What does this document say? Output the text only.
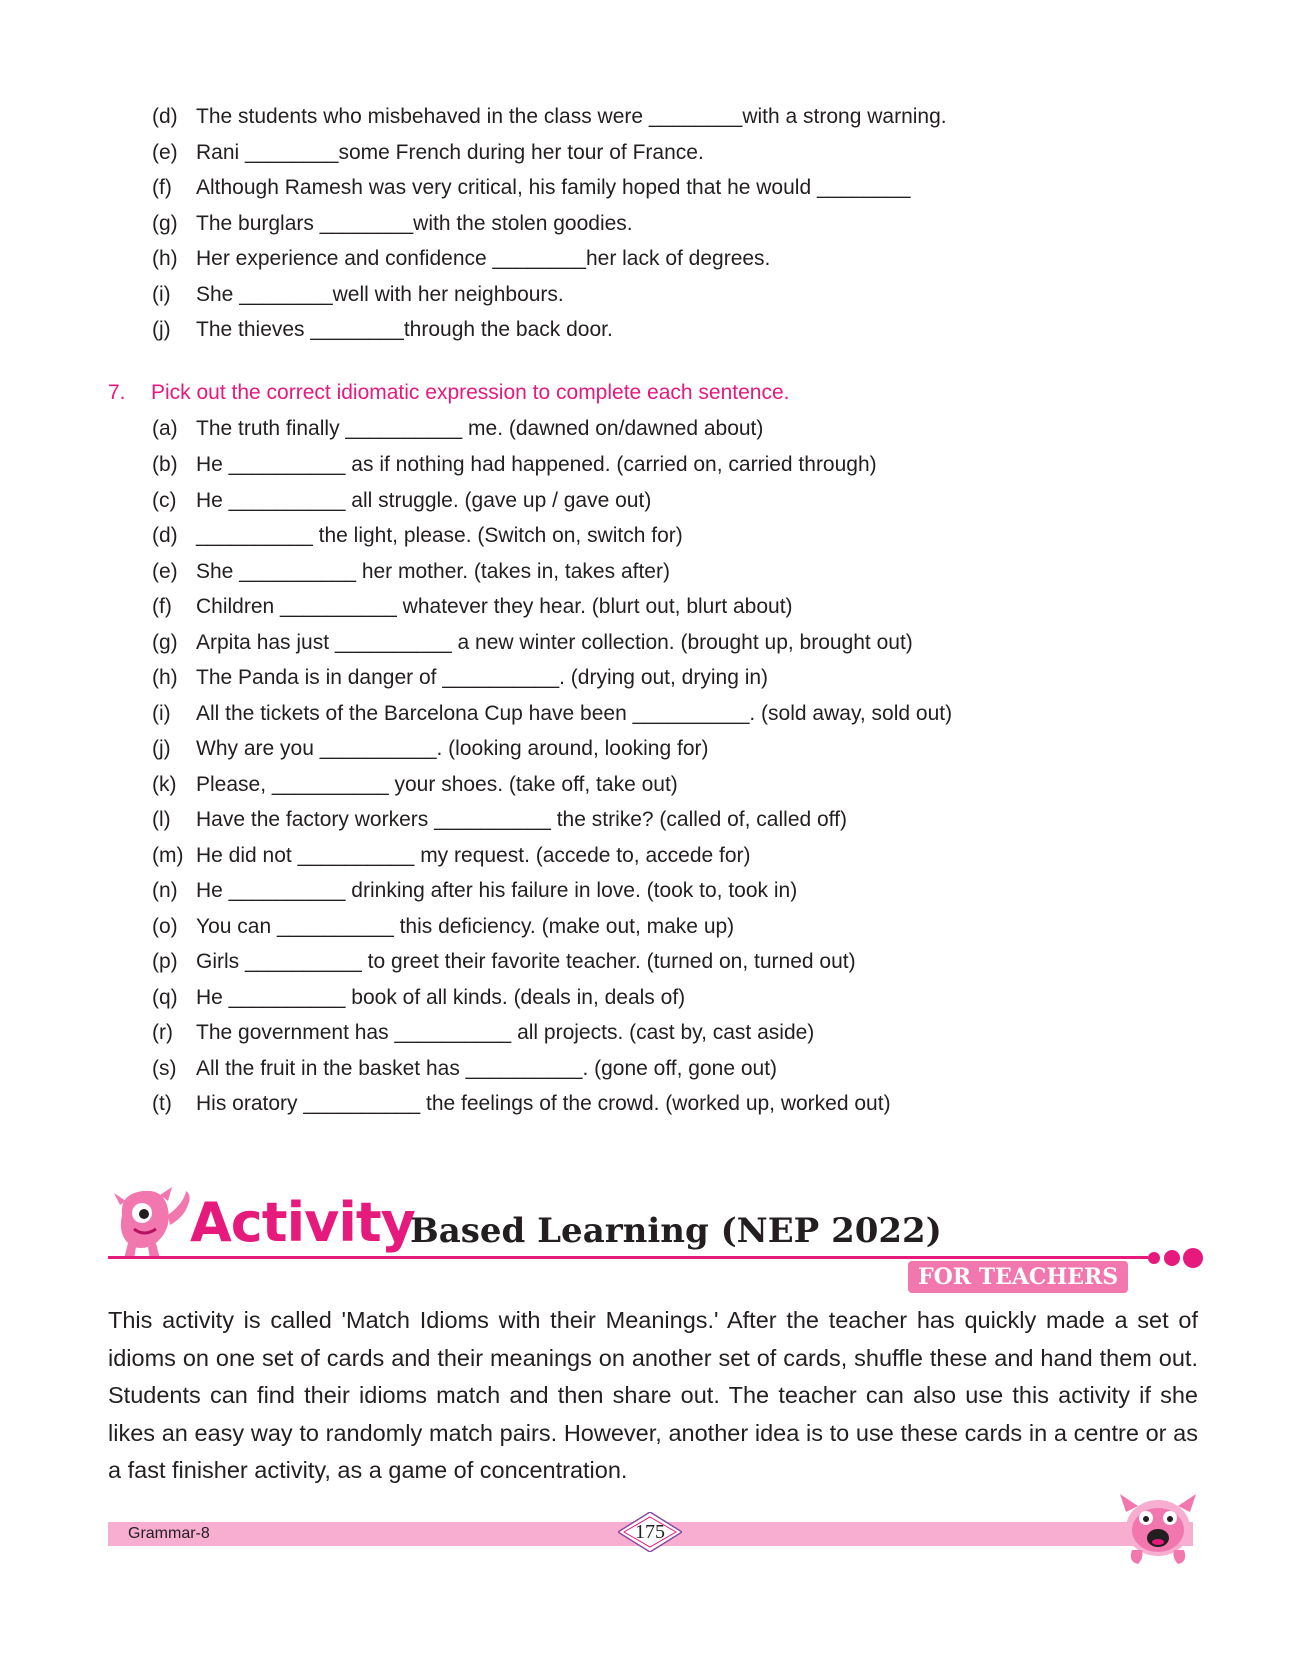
(d) The students who misbehaved in the class were ________with a strong warning.
(e) Rani ________some French during her tour of France.
(f) Although Ramesh was very critical, his family hoped that he would ________
(g) The burglars ________with the stolen goodies.
(h) Her experience and confidence ________her lack of degrees.
(i) She ________well with her neighbours.
(j) The thieves ________through the back door.
7. Pick out the correct idiomatic expression to complete each sentence.
(a) The truth finally __________ me. (dawned on/dawned about)
(b) He __________ as if nothing had happened. (carried on, carried through)
(c) He __________ all struggle. (gave up / gave out)
(d) __________ the light, please. (Switch on, switch for)
(e) She __________ her mother. (takes in, takes after)
(f) Children __________ whatever they hear. (blurt out, blurt about)
(g) Arpita has just __________ a new winter collection. (brought up, brought out)
(h) The Panda is in danger of __________. (drying out, drying in)
(i) All the tickets of the Barcelona Cup have been __________. (sold away, sold out)
(j) Why are you __________. (looking around, looking for)
(k) Please, __________ your shoes. (take off, take out)
(l) Have the factory workers __________ the strike? (called of, called off)
(m) He did not __________ my request. (accede to, accede for)
(n) He __________ drinking after his failure in love. (took to, took in)
(o) You can __________ this deficiency. (make out, make up)
(p) Girls __________ to greet their favorite teacher. (turned on, turned out)
(q) He __________ book of all kinds. (deals in, deals of)
(r) The government has __________ all projects. (cast by, cast aside)
(s) All the fruit in the basket has __________. (gone off, gone out)
(t) His oratory __________ the feelings of the crowd. (worked up, worked out)
Activity
Based Learning (NEP 2022)
FOR TEACHERS
This activity is called 'Match Idioms with their Meanings.' After the teacher has quickly made a set of idioms on one set of cards and their meanings on another set of cards, shuffle these and hand them out. Students can find their idioms match and then share out. The teacher can also use this activity if she likes an easy way to randomly match pairs. However, another idea is to use these cards in a centre or as a fast finisher activity, as a game of concentration.
Grammar-8	175
